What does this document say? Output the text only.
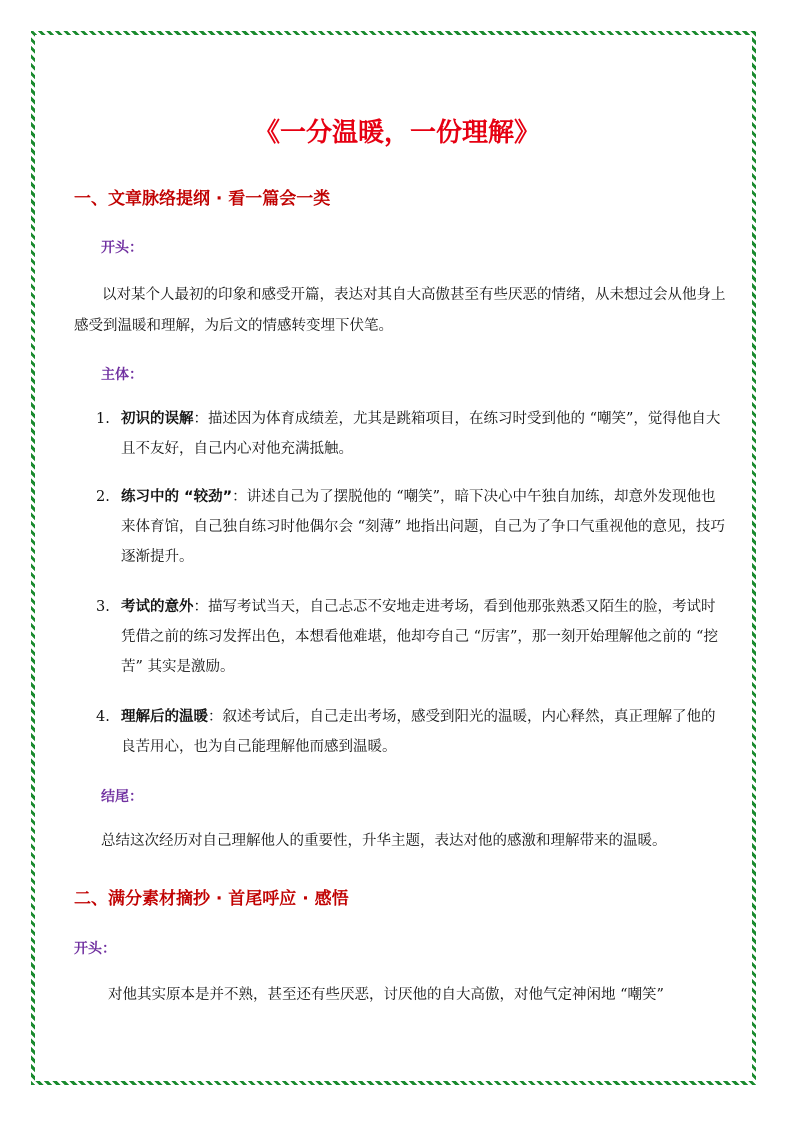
《一分温暖，一份理解》
一、文章脉络提纲 · 看一篇会一类
开头：
以对某个人最初的印象和感受开篇，表达对其自大高傲甚至有些厌恶的情绪，从未想过会从他身上感受到温暖和理解，为后文的情感转变埋下伏笔。
主体：
1. 初识的误解：描述因为体育成绩差，尤其是跳箱项目，在练习时受到他的 “嘲笑”，觉得他自大且不友好，自己内心对他充满抵触。
2. 练习中的 “较劲”：讲述自己为了摆脱他的 “嘲笑”，暗下决心中午独自加练，却意外发现他也来体育馆，自己独自练习时他偶尔会 “刻薄” 地指出问题，自己为了争口气重视他的意见，技巧逐渐提升。
3. 考试的意外：描写考试当天，自己忐忑不安地走进考场，看到他那张熟悉又陌生的脸，考试时凭借之前的练习发挥出色，本想看他难堪，他却夸自己 “厉害”，那一刻开始理解他之前的 “挖苦” 其实是激励。
4. 理解后的温暖：叙述考试后，自己走出考场，感受到阳光的温暖，内心释然，真正理解了他的良苦用心，也为自己能理解他而感到温暖。
结尾：
总结这次经历对自己理解他人的重要性，升华主题，表达对他的感激和理解带来的温暖。
二、满分素材摘抄 · 首尾呼应 · 感悟
开头：
对他其实原本是并不熟，甚至还有些厌恶，讨厌他的自大高傲，对他气定神闲地 “嘲笑”
